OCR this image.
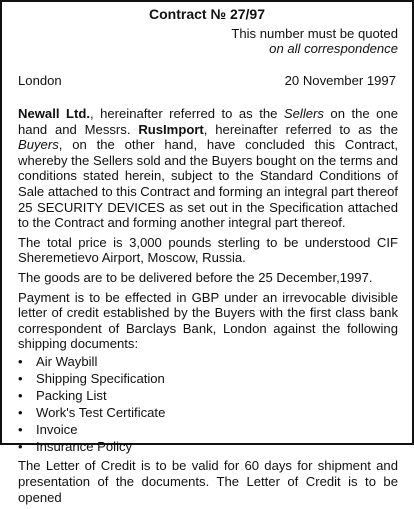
Contract № 27/97
This number must be quoted
on all correspondence
London	20 November 1997

Newall Ltd., hereinafter referred to as the Sellers on the one hand and Messrs. RusImport, hereinafter referred to as the Buyers, on the other hand, have concluded this Contract, whereby the Sellers sold and the Buyers bought on the terms and conditions stated herein, subject to the Standard Conditions of Sale attached to this Contract and forming an integral part thereof 25 SECURITY DEVICES as set out in the Specification attached to the Contract and forming another integral part thereof.

The total price is 3,000 pounds sterling to be understood CIF Sheremetievo Airport, Moscow, Russia.

The goods are to be delivered before the 25 December,1997.

Payment is to be effected in GBP under an irrevocable divisible letter of credit established by the Buyers with the first class bank correspondent of Barclays Bank, London against the following shipping documents:

• Air Waybill
• Shipping Specification
• Packing List
• Work's Test Certificate
• Invoice
• Insurance Policy

The Letter of Credit is to be valid for 60 days for shipment and presentation of the documents. The Letter of Credit is to be opened
